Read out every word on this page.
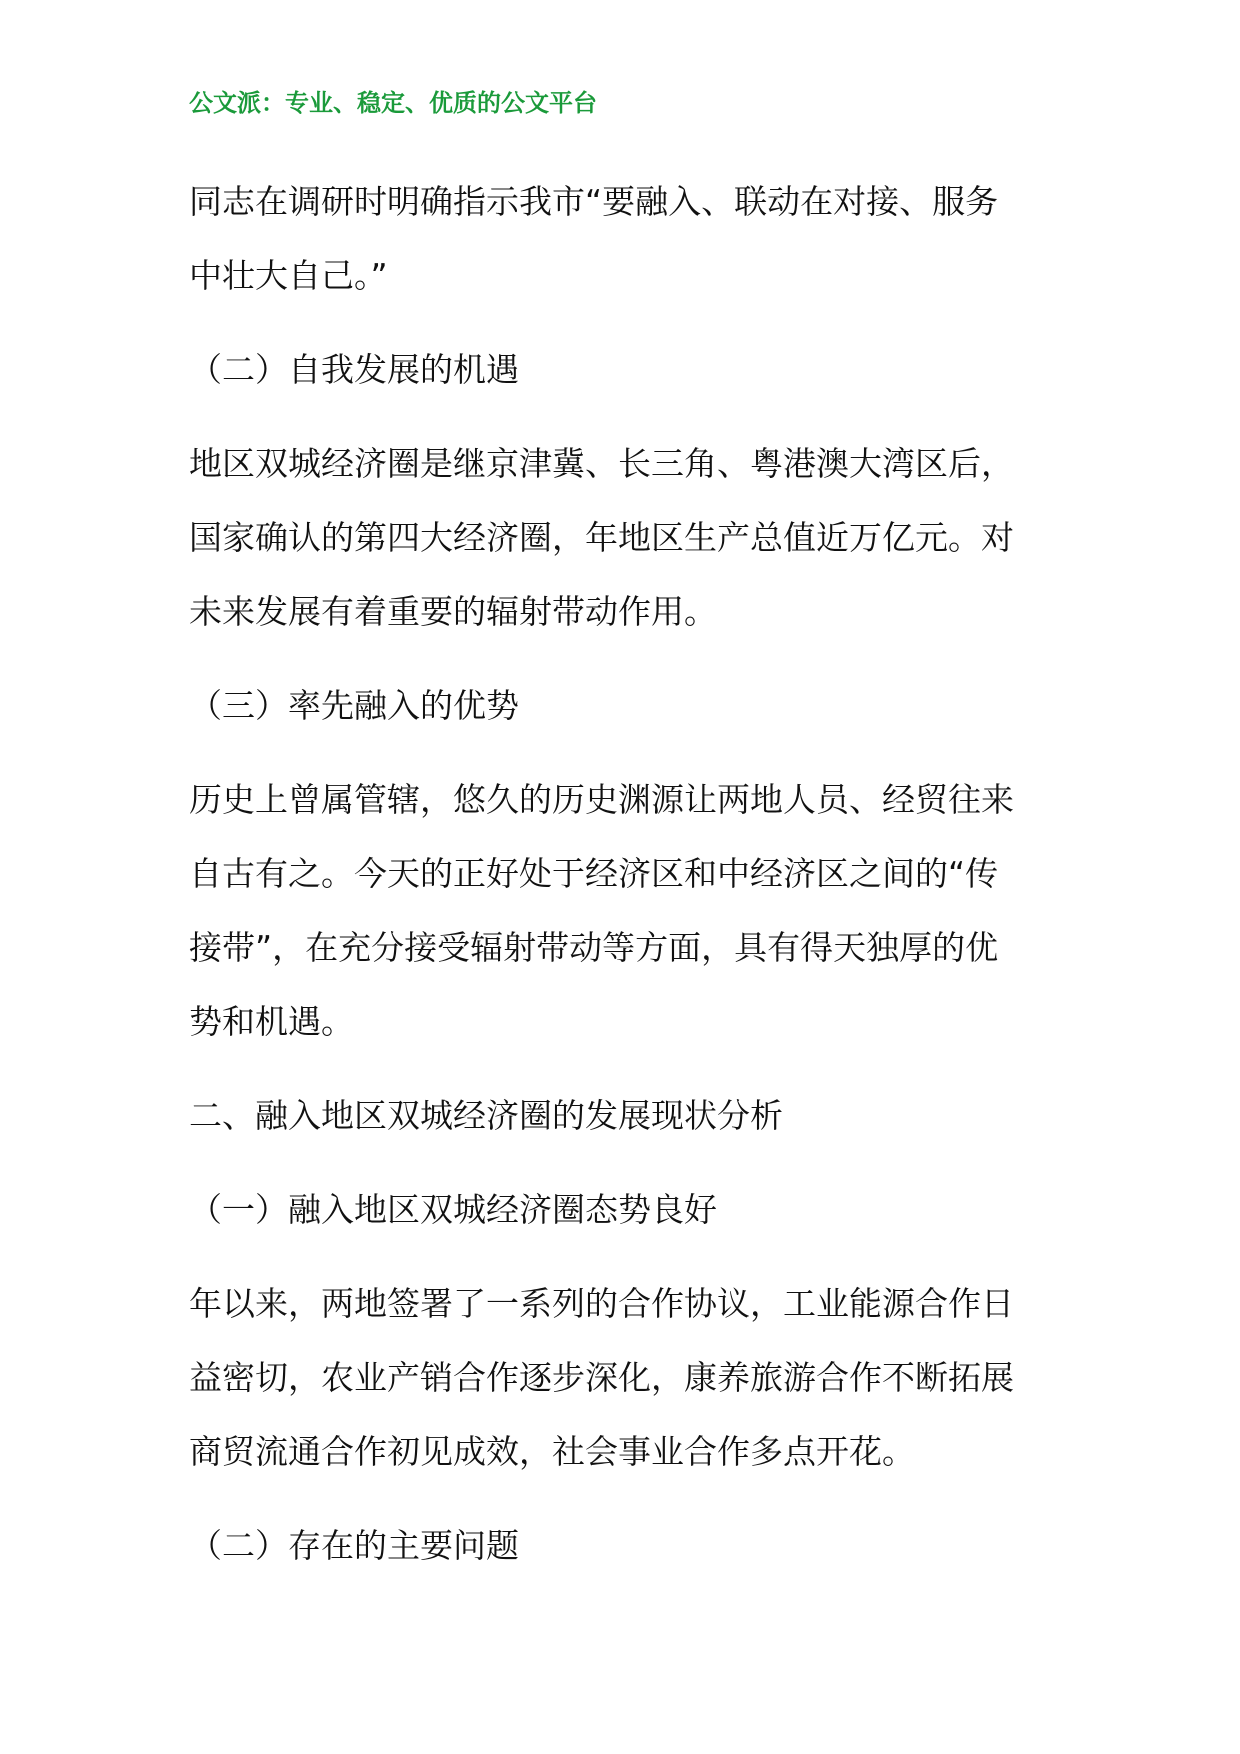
公文派：专业、稳定、优质的公文平台
同志在调研时明确指示我市“要融入、联动在对接、服务
中壮大自己。”
（二）自我发展的机遇
地区双城经济圈是继京津冀、长三角、粤港澳大湾区后，
国家确认的第四大经济圈，年地区生产总值近万亿元。对
未来发展有着重要的辐射带动作用。
（三）率先融入的优势
历史上曾属管辖，悠久的历史渊源让两地人员、经贸往来
自古有之。今天的正好处于经济区和中经济区之间的“传
接带”，在充分接受辐射带动等方面，具有得天独厚的优
势和机遇。
二、融入地区双城经济圈的发展现状分析
（一）融入地区双城经济圈态势良好
年以来，两地签署了一系列的合作协议，工业能源合作日
益密切，农业产销合作逐步深化，康养旅游合作不断拓展
商贸流通合作初见成效，社会事业合作多点开花。
（二）存在的主要问题
